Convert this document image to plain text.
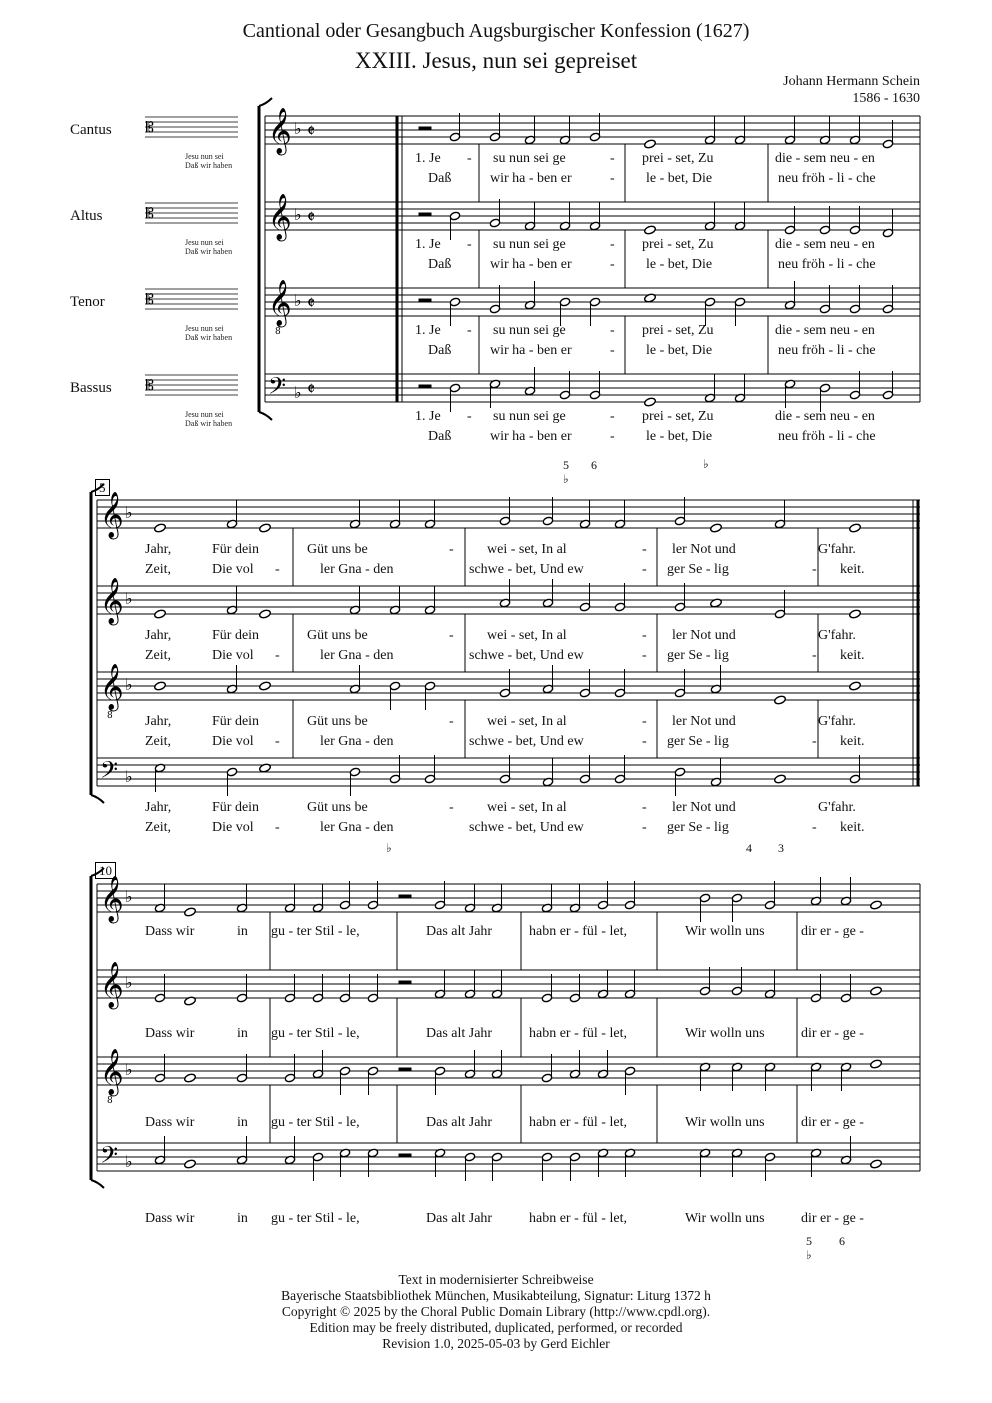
Cantional oder Gesangbuch Augsburgischer Konfession (1627)
XXIII. Jesus, nun sei gepreiset
Johann Hermann Schein
1586 - 1630
Cantus
Altus
Tenor
Bassus
Jesu nun sei
Daß wir haben
Jesu nun sei
Daß wir haben
Jesu nun sei
Daß wir haben
Jesu nun sei
Daß wir haben
5
10
𝄞
𝄞
𝄞
8
𝄢
♭
♭
♭
♭
𝄵
𝄵
𝄵
𝄵
𝄡
𝄡
𝄡
𝄡
𝄞
𝄞
𝄞
8
𝄢
♭
♭
♭
♭
𝄞
𝄞
𝄞
8
𝄢
♭
♭
♭
♭
1. Je - su nun sei ge	- prei - set, Zu	die - sem neu - en
Daß	wir ha - ben er	- le - bet, Die	neu fröh - li - che
1. Je - su nun sei ge	- prei - set, Zu	die - sem neu - en
Daß	wir ha - ben er	- le - bet, Die	neu fröh - li - che
1. Je - su nun sei ge	- prei - set, Zu	die - sem neu - en
Daß	wir ha - ben er	- le - bet, Die	neu fröh - li - che
1. Je - su nun sei ge	- prei - set, Zu	die - sem neu - en
Daß	wir ha - ben er	- le - bet, Die	neu fröh - li - che
Jahr,	Für dein	Güt uns be	- wei - set, In al	- ler Not und	G'fahr.
Zeit,	Die vol -	ler Gna - den	schwe - bet, Und ew	- ger Se - lig	- keit.
Jahr,	Für dein	Güt uns be	- wei - set, In al	- ler Not und	G'fahr.
Zeit,	Die vol -	ler Gna - den	schwe - bet, Und ew	- ger Se - lig	- keit.
Jahr,	Für dein	Güt uns be	- wei - set, In al	- ler Not und	G'fahr.
Zeit,	Die vol -	ler Gna - den	schwe - bet, Und ew	- ger Se - lig	- keit.
Jahr,	Für dein	Güt uns be	- wei - set, In al	- ler Not und	G'fahr.
Zeit,	Die vol -	ler Gna - den	schwe - bet, Und ew	- ger Se - lig	- keit.
Dass wir	in gu - ter Stil - le,	Das alt Jahr	habn er - fül - let,	Wir wolln uns	dir er - ge -
Dass wir	in gu - ter Stil - le,	Das alt Jahr	habn er - fül - let,	Wir wolln uns	dir er - ge -
Dass wir	in gu - ter Stil - le,	Das alt Jahr	habn er - fül - let,	Wir wolln uns	dir er - ge -
Dass wir	in gu - ter Stil - le,	Das alt Jahr	habn er - fül - let,	Wir wolln uns	dir er - ge -
5
♭
6	♭
♭	4 3
5
♭
6
Text in modernisierter Schreibweise
Bayerische Staatsbibliothek München, Musikabteilung, Signatur: Liturg 1372 h
Copyright © 2025 by the Choral Public Domain Library (http://www.cpdl.org).
Edition may be freely distributed, duplicated, performed, or recorded
Revision 1.0, 2025-05-03 by Gerd Eichler
